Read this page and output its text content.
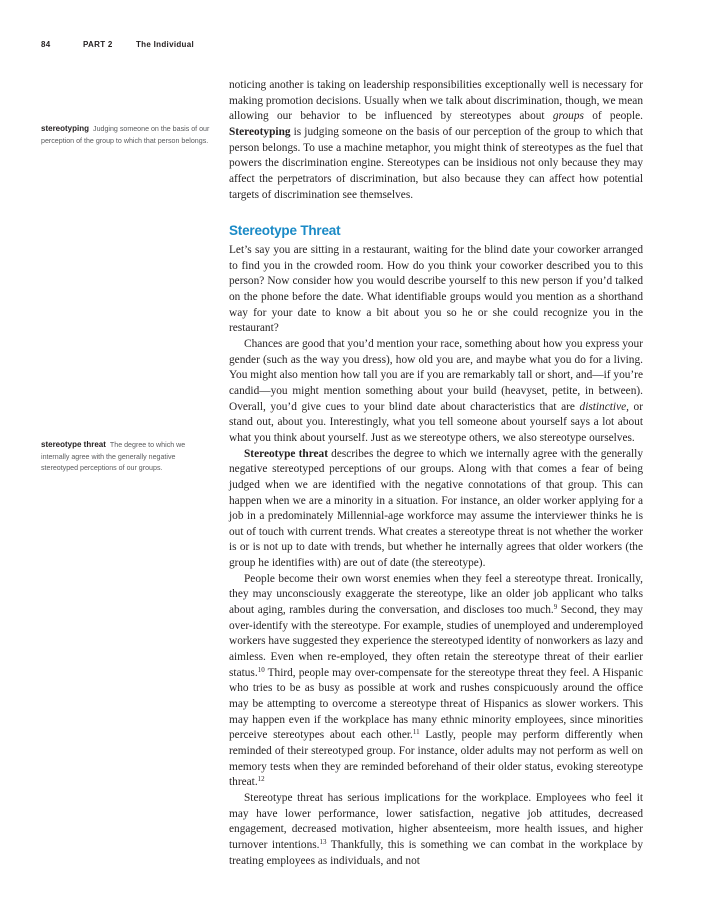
84	PART 2	The Individual
stereotyping Judging someone on the basis of our perception of the group to which that person belongs.
stereotype threat The degree to which we internally agree with the generally negative stereotyped perceptions of our groups.

noticing another is taking on leadership responsibilities exceptionally well is necessary for making promotion decisions. Usually when we talk about discrimination, though, we mean allowing our behavior to be influenced by stereotypes about groups of people. Stereotyping is judging someone on the basis of our perception of the group to which that person belongs. To use a machine metaphor, you might think of stereotypes as the fuel that powers the discrimination engine. Stereotypes can be insidious not only because they may affect the perpetrators of discrimination, but also because they can affect how potential targets of discrimination see themselves.

Stereotype Threat

Let’s say you are sitting in a restaurant, waiting for the blind date your coworker arranged to find you in the crowded room. How do you think your coworker described you to this person? Now consider how you would describe yourself to this new person if you’d talked on the phone before the date. What identifiable groups would you mention as a shorthand way for your date to know a bit about you so he or she could recognize you in the restaurant?

Chances are good that you’d mention your race, something about how you express your gender (such as the way you dress), how old you are, and maybe what you do for a living. You might also mention how tall you are if you are remarkably tall or short, and—if you’re candid—you might mention something about your build (heavyset, petite, in between). Overall, you’d give cues to your blind date about characteristics that are distinctive, or stand out, about you. Interestingly, what you tell someone about yourself says a lot about what you think about yourself. Just as we stereotype others, we also stereotype ourselves.

Stereotype threat describes the degree to which we internally agree with the generally negative stereotyped perceptions of our groups. Along with that comes a fear of being judged when we are identified with the negative connotations of that group. This can happen when we are a minority in a situation. For instance, an older worker applying for a job in a predominately Millennial-age workforce may assume the interviewer thinks he is out of touch with current trends. What creates a stereotype threat is not whether the worker is or is not up to date with trends, but whether he internally agrees that older workers (the group he identifies with) are out of date (the stereotype).

People become their own worst enemies when they feel a stereotype threat. Ironically, they may unconsciously exaggerate the stereotype, like an older job applicant who talks about aging, rambles during the conversation, and discloses too much.$^9$ Second, they may over-identify with the stereotype. For example, studies of unemployed and underemployed workers have suggested they experience the stereotyped identity of nonworkers as lazy and aimless. Even when re-employed, they often retain the stereotype threat of their earlier status.$^{10}$ Third, people may over-compensate for the stereotype threat they feel. A Hispanic who tries to be as busy as possible at work and rushes conspicuously around the office may be attempting to overcome a stereotype threat of Hispanics as slower workers. This may happen even if the workplace has many ethnic minority employees, since minorities perceive stereotypes about each other.$^{11}$ Lastly, people may perform differently when reminded of their stereotyped group. For instance, older adults may not perform as well on memory tests when they are reminded beforehand of their older status, evoking stereotype threat.$^{12}$

Stereotype threat has serious implications for the workplace. Employees who feel it may have lower performance, lower satisfaction, negative job attitudes, decreased engagement, decreased motivation, higher absenteeism, more health issues, and higher turnover intentions.$^{13}$ Thankfully, this is something we can combat in the workplace by treating employees as individuals, and not
